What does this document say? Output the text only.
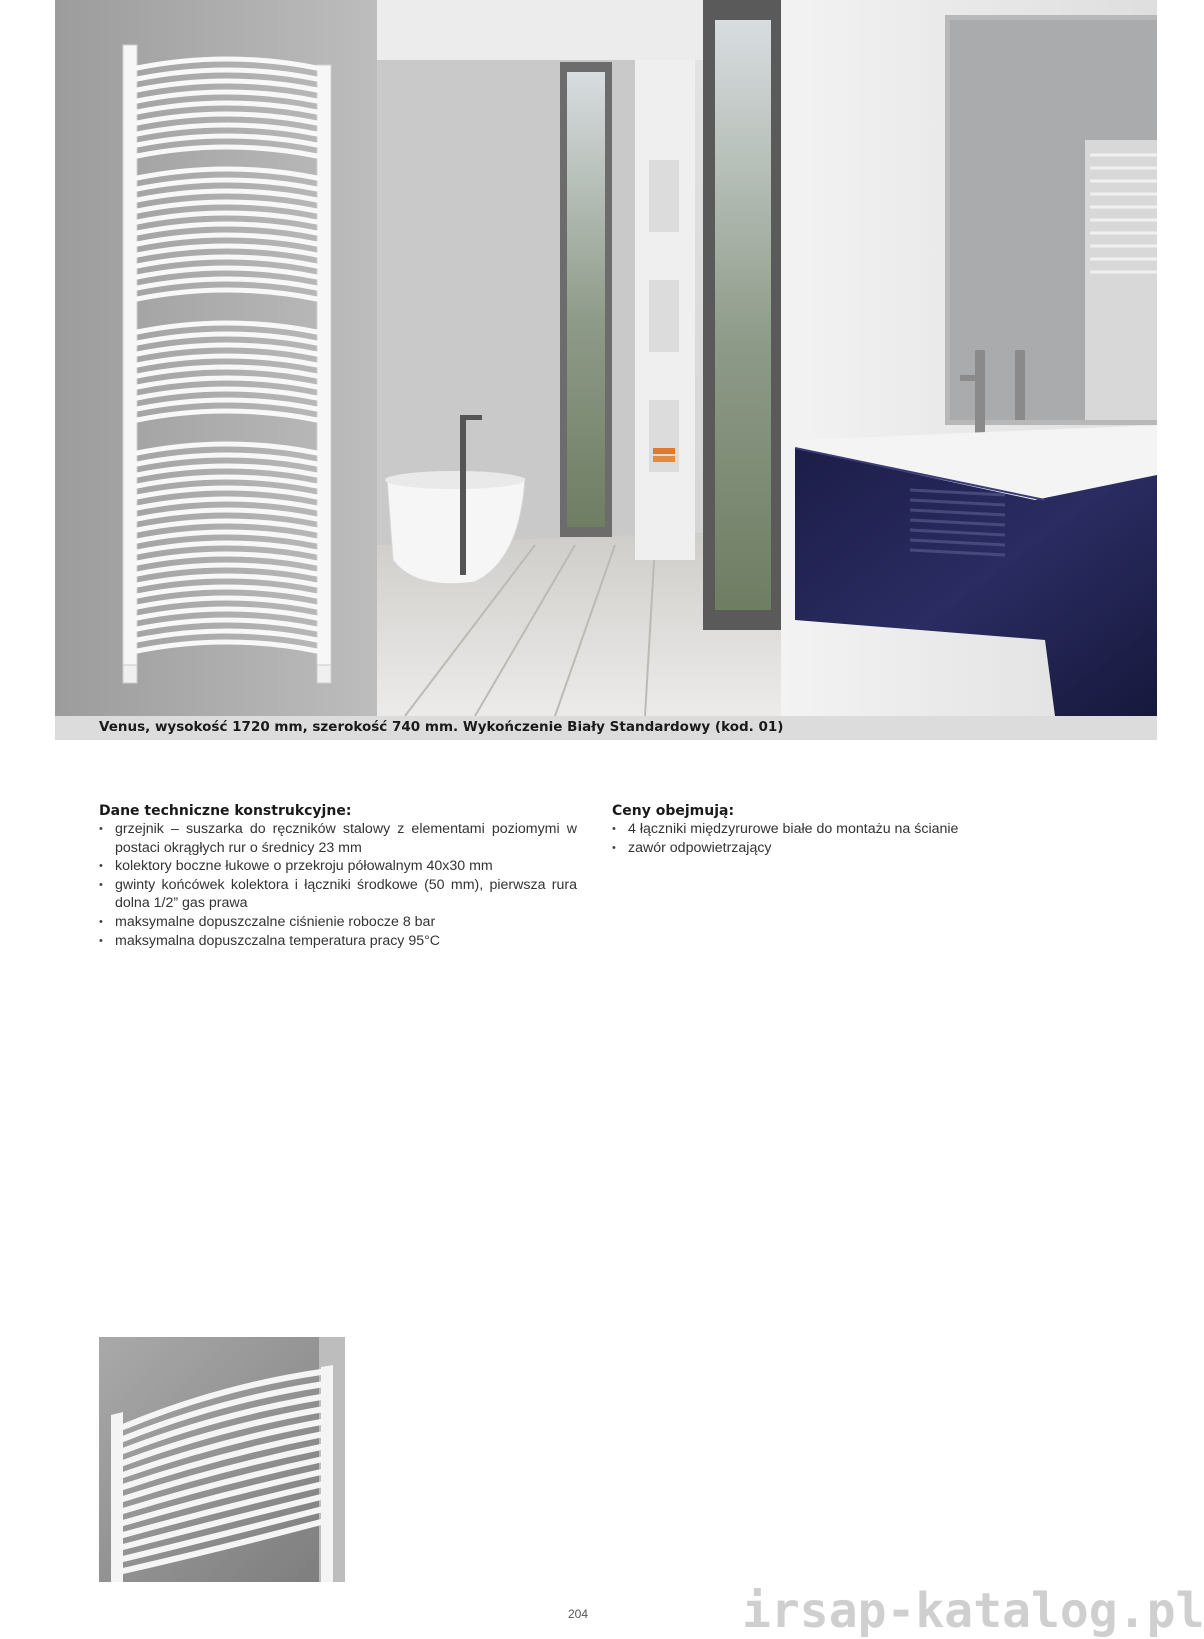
Venus, wysokość 1720 mm, szerokość 740 mm. Wykończenie Biały Standardowy (kod. 01)
Dane techniczne konstrukcyjne:
• grzejnik – suszarka do ręczników stalowy z elementami poziomymi w postaci okrągłych rur o średnicy 23 mm
• kolektory boczne łukowe o przekroju półowalnym 40x30 mm
• gwinty końcówek kolektora i łączniki środkowe (50 mm), pierwsza rura dolna 1/2” gas prawa
• maksymalne dopuszczalne ciśnienie robocze 8 bar
• maksymalna dopuszczalna temperatura pracy 95°C
Ceny obejmują:
• 4 łączniki międzyrurowe białe do montażu na ścianie
• zawór odpowietrzający
204	irsap-katalog.pl
